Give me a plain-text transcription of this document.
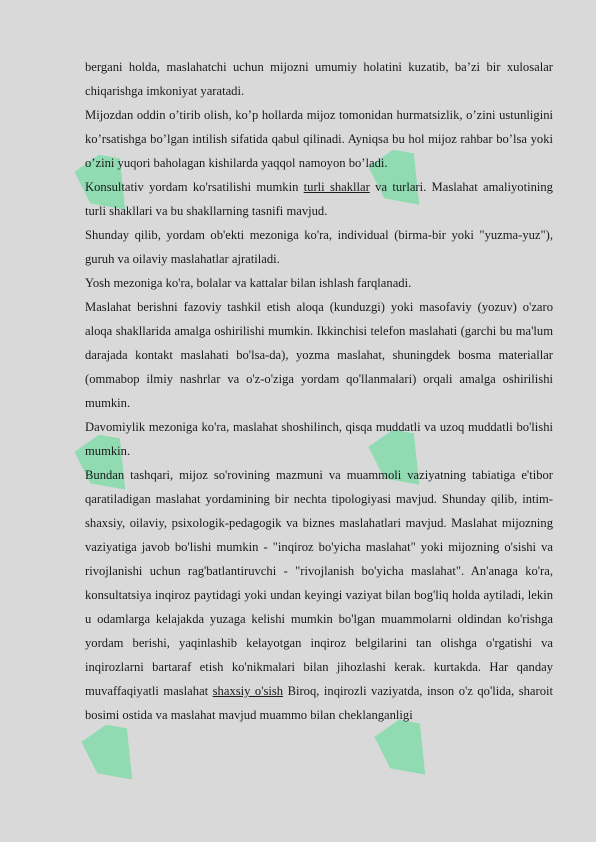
bergani holda, maslahatchi uchun mijozni umumiy holatini kuzatib, ba’zi bir xulosalar chiqarishga imkoniyat yaratadi.

Mijozdan oddin o’tirib olish, ko’p hollarda mijoz tomonidan hurmatsizlik, o’zini ustunligini ko’rsatishga bo’lgan intilish sifatida qabul qilinadi. Ayniqsa bu hol mijoz rahbar bo’lsa yoki o’zini yuqori baholagan kishilarda yaqqol namoyon bo’ladi.

Konsultativ yordam ko'rsatilishi mumkin turli shakllar va turlari. Maslahat amaliyotining turli shakllari va bu shakllarning tasnifi mavjud.

Shunday qilib, yordam ob'ekti mezoniga ko'ra, individual (birma-bir yoki "yuzma-yuz"), guruh va oilaviy maslahatlar ajratiladi.

Yosh mezoniga ko'ra, bolalar va kattalar bilan ishlash farqlanadi.

Maslahat berishni fazoviy tashkil etish aloqa (kunduzgi) yoki masofaviy (yozuv) o'zaro aloqa shakllarida amalga oshirilishi mumkin. Ikkinchisi telefon maslahati (garchi bu ma'lum darajada kontakt maslahati bo'lsa-da), yozma maslahat, shuningdek bosma materiallar (ommabop ilmiy nashrlar va o'z-o'ziga yordam qo'llanmalari) orqali amalga oshirilishi mumkin.

Davomiylik mezoniga ko'ra, maslahat shoshilinch, qisqa muddatli va uzoq muddatli bo'lishi mumkin.

Bundan tashqari, mijoz so'rovining mazmuni va muammoli vaziyatning tabiatiga e'tibor qaratiladigan maslahat yordamining bir nechta tipologiyasi mavjud. Shunday qilib, intim-shaxsiy, oilaviy, psixologik-pedagogik va biznes maslahatlari mavjud. Maslahat mijozning vaziyatiga javob bo'lishi mumkin - "inqiroz bo'yicha maslahat" yoki mijozning o'sishi va rivojlanishi uchun rag'batlantiruvchi - "rivojlanish bo'yicha maslahat". An'anaga ko'ra, konsultatsiya inqiroz paytidagi yoki undan keyingi vaziyat bilan bog'liq holda aytiladi, lekin u odamlarga kelajakda yuzaga kelishi mumkin bo'lgan muammolarni oldindan ko'rishga yordam berishi, yaqinlashib kelayotgan inqiroz belgilarini tan olishga o'rgatishi va inqirozlarni bartaraf etish ko'nikmalari bilan jihozlashi kerak. kurtakda. Har qanday muvaffaqiyatli maslahat shaxsiy o'sish Biroq, inqirozli vaziyatda, inson o'z qo'lida, sharoit bosimi ostida va maslahat mavjud muammo bilan cheklanganligi
